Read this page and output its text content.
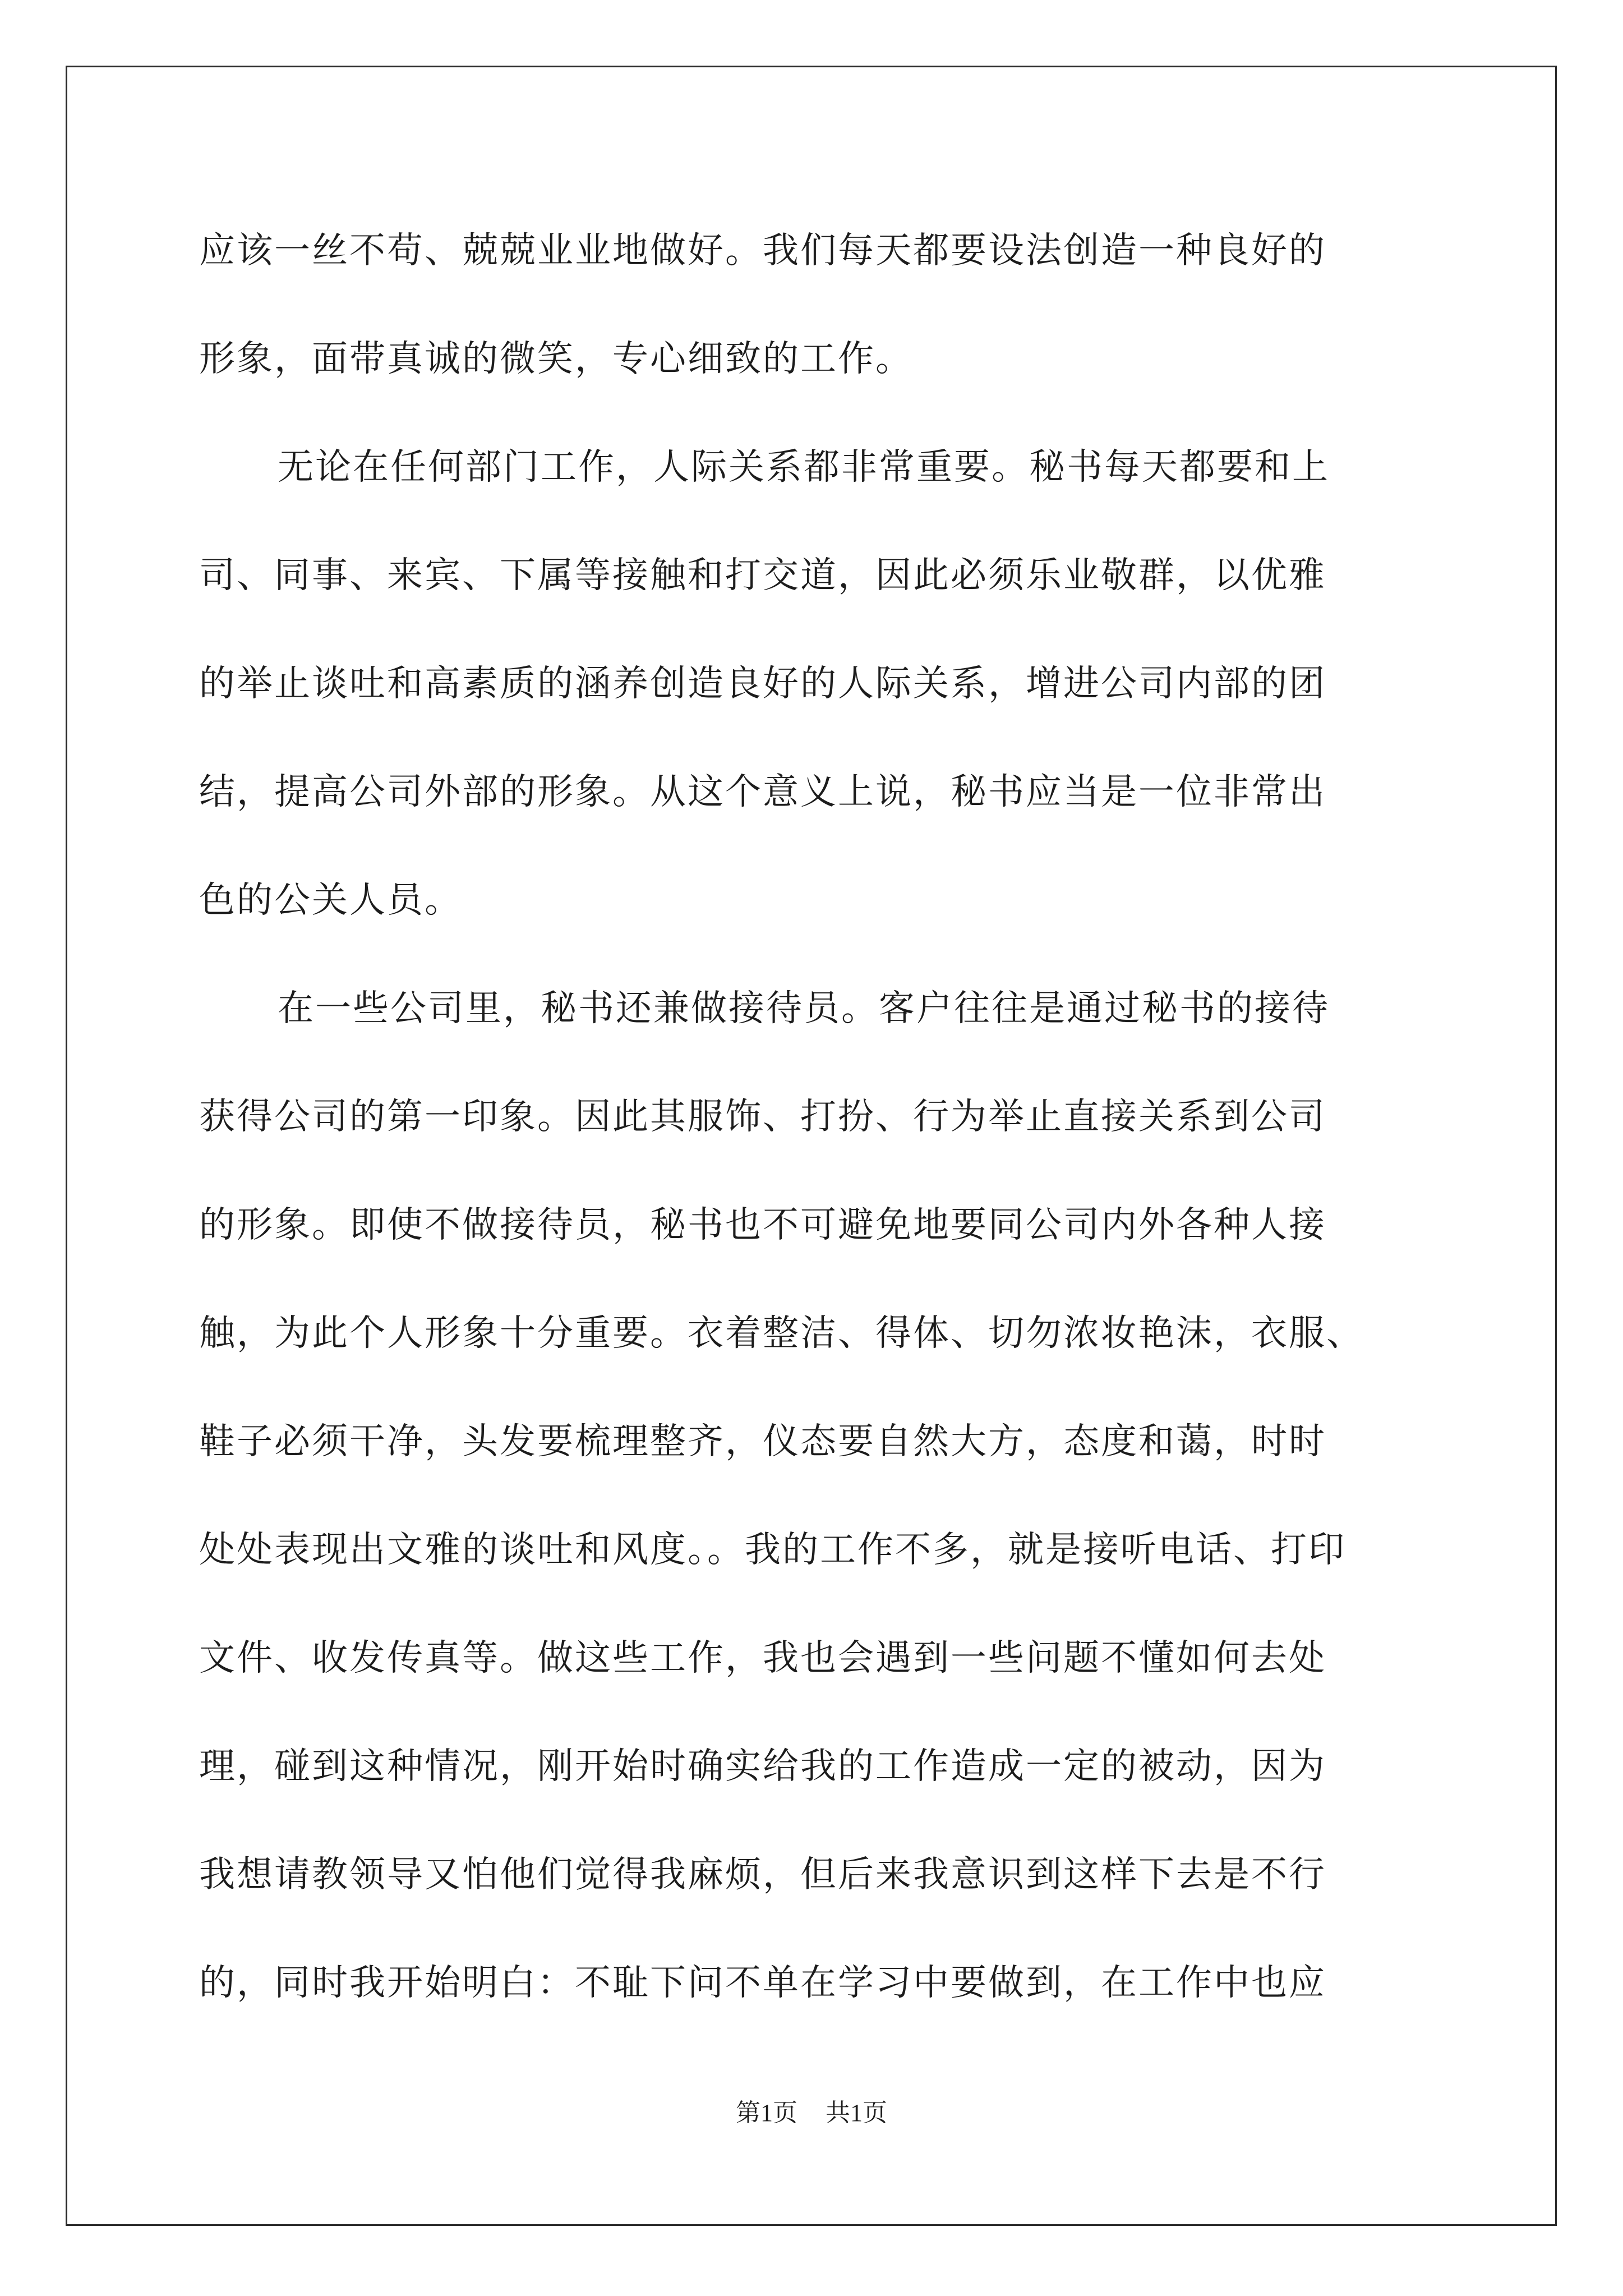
应该一丝不苟、兢兢业业地做好。我们每天都要设法创造一种良好的
形象，面带真诚的微笑，专心细致的工作。
无论在任何部门工作，人际关系都非常重要。秘书每天都要和上
司、同事、来宾、下属等接触和打交道，因此必须乐业敬群，以优雅
的举止谈吐和高素质的涵养创造良好的人际关系，增进公司内部的团
结，提高公司外部的形象。从这个意义上说，秘书应当是一位非常出
色的公关人员。
在一些公司里，秘书还兼做接待员。客户往往是通过秘书的接待
获得公司的第一印象。因此其服饰、打扮、行为举止直接关系到公司
的形象。即使不做接待员，秘书也不可避免地要同公司内外各种人接
触，为此个人形象十分重要。衣着整洁、得体、切勿浓妆艳沫，衣服、
鞋子必须干净，头发要梳理整齐，仪态要自然大方，态度和蔼，时时
处处表现出文雅的谈吐和风度。。我的工作不多，就是接听电话、打印
文件、收发传真等。做这些工作，我也会遇到一些问题不懂如何去处
理，碰到这种情况，刚开始时确实给我的工作造成一定的被动，因为
我想请教领导又怕他们觉得我麻烦，但后来我意识到这样下去是不行
的，同时我开始明白：不耻下问不单在学习中要做到，在工作中也应
第1页 共1页
